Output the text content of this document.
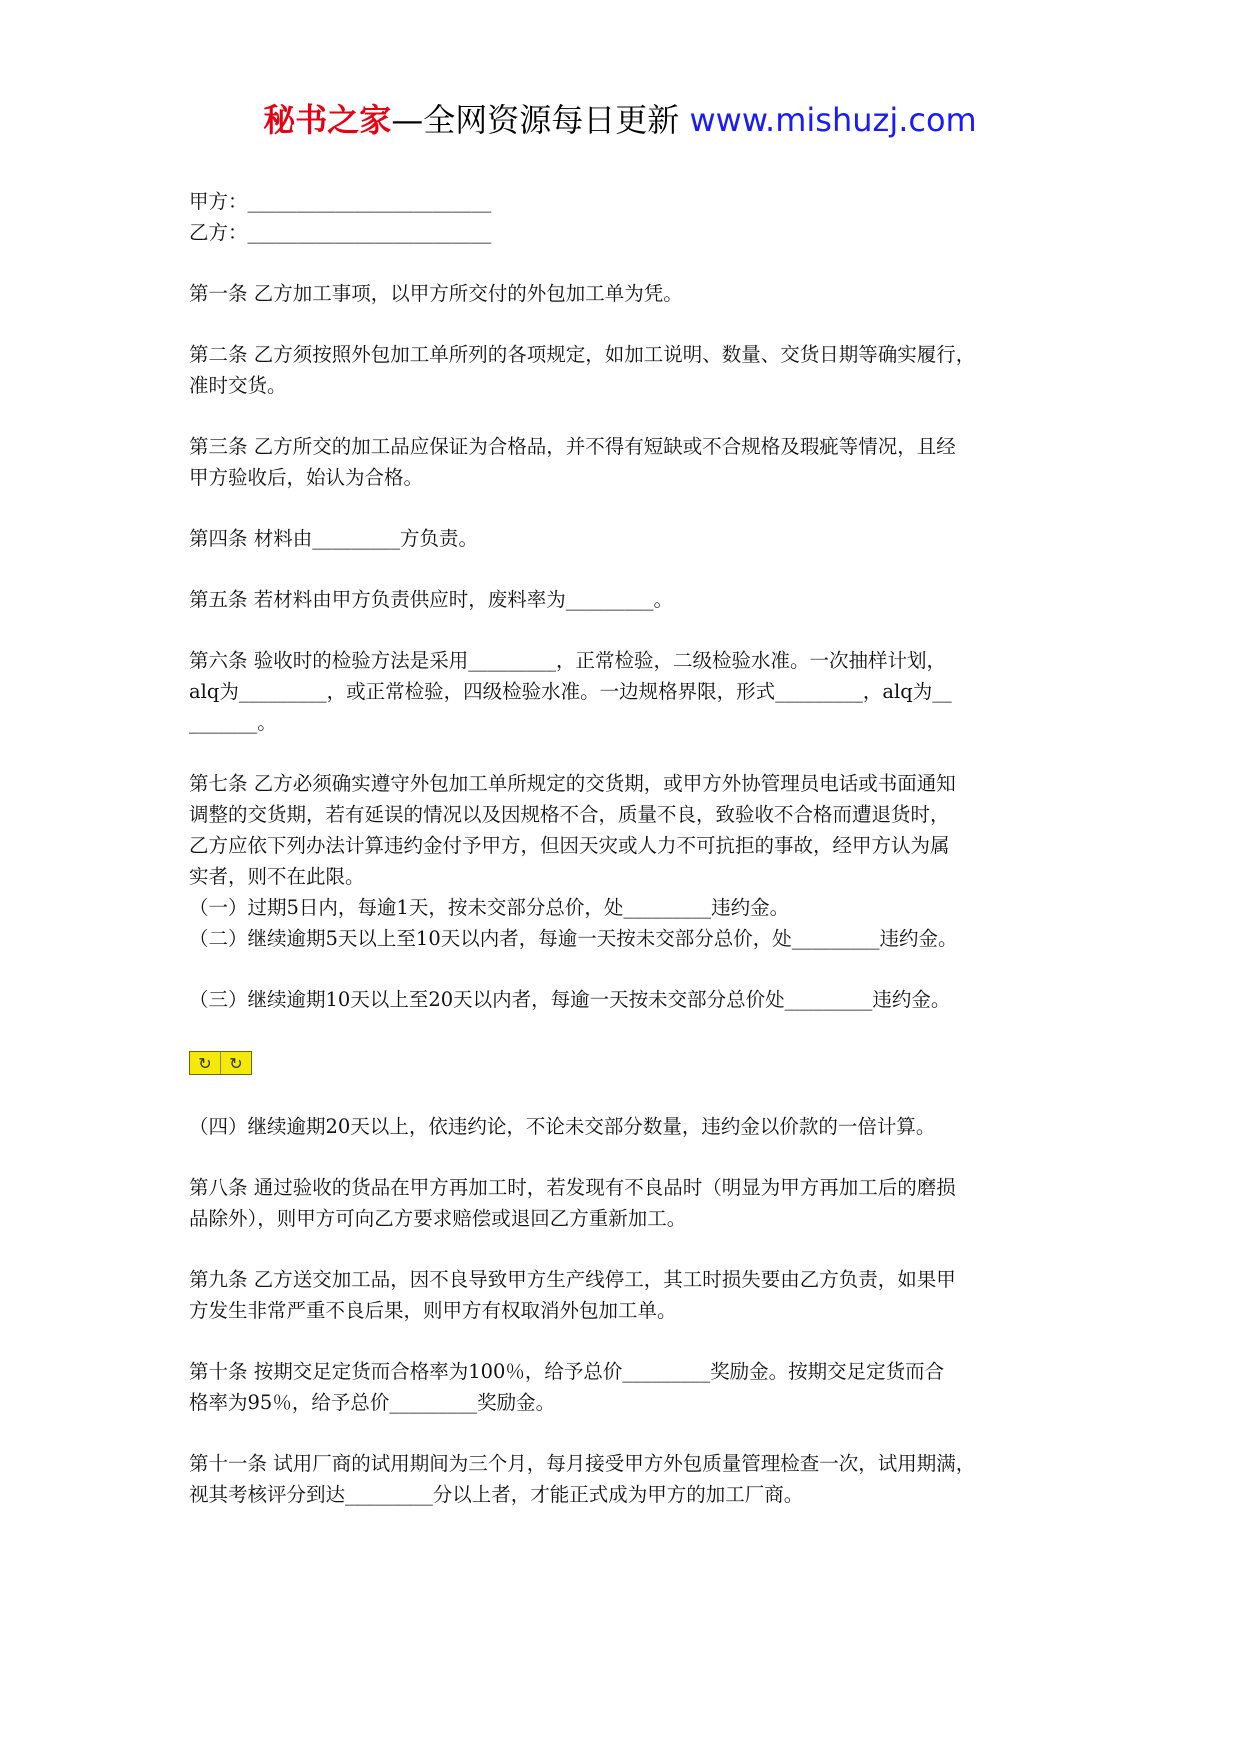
秘书之家—全网资源每日更新 www.mishuzj.com
甲方：_________________________
乙方：_________________________
第一条 乙方加工事项，以甲方所交付的外包加工单为凭。
第二条 乙方须按照外包加工单所列的各项规定，如加工说明、数量、交货日期等确实履行，
准时交货。
第三条 乙方所交的加工品应保证为合格品，并不得有短缺或不合规格及瑕疵等情况，且经
甲方验收后，始认为合格。
第四条 材料由_________方负责。
第五条 若材料由甲方负责供应时，废料率为_________。
第六条 验收时的检验方法是采用_________，正常检验，二级检验水准。一次抽样计划，
alq为_________，或正常检验，四级检验水准。一边规格界限，形式_________，alq为__
_______。
第七条 乙方必须确实遵守外包加工单所规定的交货期，或甲方外协管理员电话或书面通知
调整的交货期，若有延误的情况以及因规格不合，质量不良，致验收不合格而遭退货时，
乙方应依下列办法计算违约金付予甲方，但因天灾或人力不可抗拒的事故，经甲方认为属
实者，则不在此限。
（一）过期5日内，每逾1天，按未交部分总价，处_________违约金。
（二）继续逾期5天以上至10天以内者，每逾一天按未交部分总价，处_________违约金。
（三）继续逾期10天以上至20天以内者，每逾一天按未交部分总价处_________违约金。
↻	↻
（四）继续逾期20天以上，依违约论，不论未交部分数量，违约金以价款的一倍计算。
第八条 通过验收的货品在甲方再加工时，若发现有不良品时（明显为甲方再加工后的磨损
品除外），则甲方可向乙方要求赔偿或退回乙方重新加工。
第九条 乙方送交加工品，因不良导致甲方生产线停工，其工时损失要由乙方负责，如果甲
方发生非常严重不良后果，则甲方有权取消外包加工单。
第十条 按期交足定货而合格率为100％，给予总价_________奖励金。按期交足定货而合
格率为95％，给予总价_________奖励金。
第十一条 试用厂商的试用期间为三个月，每月接受甲方外包质量管理检查一次，试用期满，
视其考核评分到达_________分以上者，才能正式成为甲方的加工厂商。
